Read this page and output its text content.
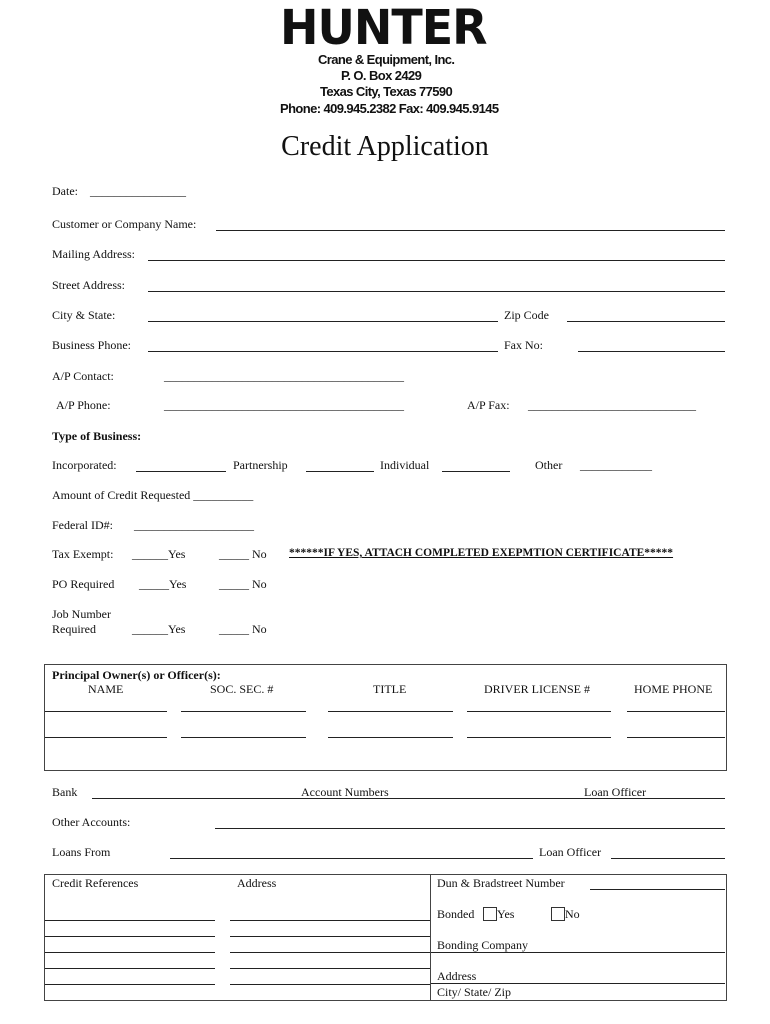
HUNTER
Crane & Equipment, Inc.
P. O. Box 2429
Texas City, Texas 77590
Phone: 409.945.2382 Fax: 409.945.9145
Credit Application
Date: ________________
Customer or Company Name:
Mailing Address:
Street Address:
City & State:	Zip Code
Business Phone:	Fax No:
A/P Contact:	________________________________________
A/P Phone:	________________________________________	A/P Fax: ____________________________
Type of Business:
Incorporated:	Partnership	Individual	Other ____________
Amount of Credit Requested __________
Federal ID#: ____________________
Tax Exempt: ______Yes	_____ No ******IF YES, ATTACH COMPLETED EXEPMTION CERTIFICATE*****
PO Required _____Yes	_____ No
Job Number
Required	______Yes	_____ No
Principal Owner(s) or Officer(s):
NAME	SOC. SEC. #	TITLE	DRIVER LICENSE #	HOME PHONE
Bank	Account Numbers	Loan Officer
Other Accounts:
Loans From	Loan Officer
Credit References	Address	Dun & Bradstreet Number
Bonded Yes	No
Bonding Company
Address
City/ State/ Zip
